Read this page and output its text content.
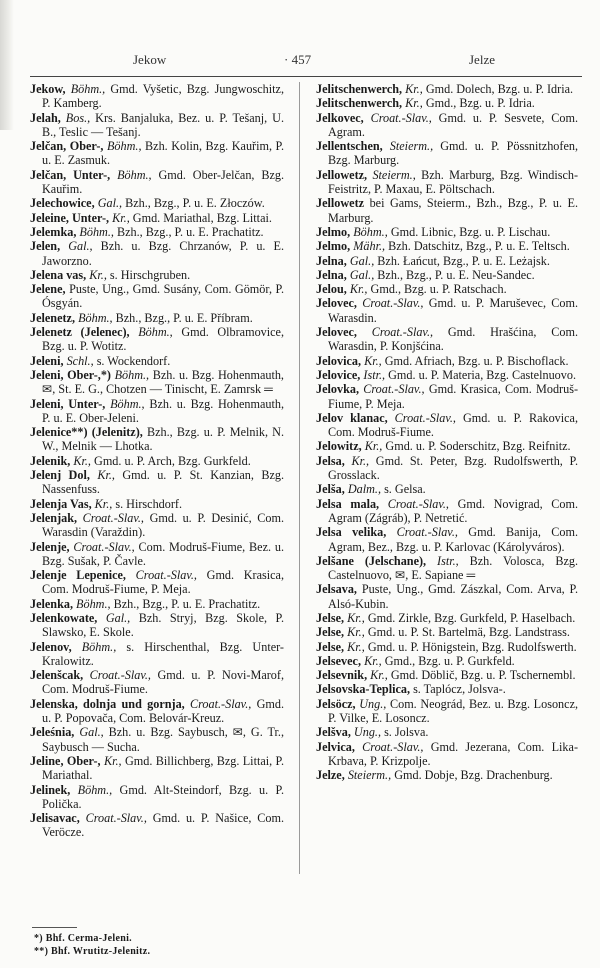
Jekow	· 457	Jelze

Jekow, Böhm., Gmd. Vyšetic, Bzg. Jungwoschitz, P. Kamberg.

Jelah, Bos., Krs. Banjaluka, Bez. u. P. Tešanj, U. B., Teslic — Tešanj.

Jelčan, Ober-, Böhm., Bzh. Kolin, Bzg. Kauřim, P. u. E. Zasmuk.

Jelčan, Unter-, Böhm., Gmd. Ober-Jelčan, Bzg. Kauřim.

Jelechowice, Gal., Bzh., Bzg., P. u. E. Złoczów.

Jeleine, Unter-, Kr., Gmd. Mariathal, Bzg. Littai.

Jelemka, Böhm., Bzh., Bzg., P. u. E. Prachatitz.

Jelen, Gal., Bzh. u. Bzg. Chrzanów, P. u. E. Jaworzno.

Jelena vas, Kr., s. Hirschgruben.

Jelene, Puste, Ung., Gmd. Susány, Com. Gömör, P. Ósgyán.

Jelenetz, Böhm., Bzh., Bzg., P. u. E. Příbram.

Jelenetz (Jelenec), Böhm., Gmd. Olbramovice, Bzg. u. P. Wotitz.

Jeleni, Schl., s. Wockendorf.

Jeleni, Ober-,*) Böhm., Bzh. u. Bzg. Hohenmauth, ✉, St. E. G., Chotzen — Tinischt, E. Zamrsk ═

Jeleni, Unter-, Böhm., Bzh. u. Bzg. Hohenmauth, P. u. E. Ober-Jeleni.

Jelenice**) (Jelenitz), Bzh., Bzg. u. P. Melnik, N. W., Melnik — Lhotka.

Jelenik, Kr., Gmd. u. P. Arch, Bzg. Gurkfeld.

Jelenj Dol, Kr., Gmd. u. P. St. Kanzian, Bzg. Nassenfuss.

Jelenja Vas, Kr., s. Hirschdorf.

Jelenjak, Croat.-Slav., Gmd. u. P. Desinić, Com. Warasdin (Varaždin).

Jelenje, Croat.-Slav., Com. Modruš-Fiume, Bez. u. Bzg. Sušak, P. Čavle.

Jelenje Lepenice, Croat.-Slav., Gmd. Krasica, Com. Modruš-Fiume, P. Meja.

Jelenka, Böhm., Bzh., Bzg., P. u. E. Prachatitz.

Jelenkowate, Gal., Bzh. Stryj, Bzg. Skole, P. Slawsko, E. Skole.

Jelenov, Böhm., s. Hirschenthal, Bzg. Unter-Kralowitz.

Jelenšcak, Croat.-Slav., Gmd. u. P. Novi-Marof, Com. Modruš-Fiume.

Jelenska, dolnja und gornja, Croat.-Slav., Gmd. u. P. Popovača, Com. Belovár-Kreuz.

Jeleśnia, Gal., Bzh. u. Bzg. Saybusch, ✉, G. Tr., Saybusch — Sucha.

Jeline, Ober-, Kr., Gmd. Billichberg, Bzg. Littai, P. Mariathal.

Jelinek, Böhm., Gmd. Alt-Steindorf, Bzg. u. P. Polička.

Jelisavac, Croat.-Slav., Gmd. u. P. Našice, Com. Veröcze.

Jelitschenwerch, Kr., Gmd. Dolech, Bzg. u. P. Idria.

Jelitschenwerch, Kr., Gmd., Bzg. u. P. Idria.

Jelkovec, Croat.-Slav., Gmd. u. P. Sesvete, Com. Agram.

Jellentschen, Steierm., Gmd. u. P. Pössnitzhofen, Bzg. Marburg.

Jellowetz, Steierm., Bzh. Marburg, Bzg. Windisch-Feistritz, P. Maxau, E. Pöltschach.

Jellowetz bei Gams, Steierm., Bzh., Bzg., P. u. E. Marburg.

Jelmo, Böhm., Gmd. Libnic, Bzg. u. P. Lischau.

Jelmo, Mähr., Bzh. Datschitz, Bzg., P. u. E. Teltsch.

Jelna, Gal., Bzh. Łańcut, Bzg., P. u. E. Leżajsk.

Jelna, Gal., Bzh., Bzg., P. u. E. Neu-Sandec.

Jelou, Kr., Gmd., Bzg. u. P. Ratschach.

Jelovec, Croat.-Slav., Gmd. u. P. Maruševec, Com. Warasdin.

Jelovec, Croat.-Slav., Gmd. Hrašćina, Com. Warasdin, P. Konjšćina.

Jelovica, Kr., Gmd. Afriach, Bzg. u. P. Bischoflack.

Jelovice, Istr., Gmd. u. P. Materia, Bzg. Castelnuovo.

Jelovka, Croat.-Slav., Gmd. Krasica, Com. Modruš-Fiume, P. Meja.

Jelov klanac, Croat.-Slav., Gmd. u. P. Rakovica, Com. Modruš-Fiume.

Jelowitz, Kr., Gmd. u. P. Soderschitz, Bzg. Reifnitz.

Jelsa, Kr., Gmd. St. Peter, Bzg. Rudolfswerth, P. Grosslack.

Jelša, Dalm., s. Gelsa.

Jelsa mala, Croat.-Slav., Gmd. Novigrad, Com. Agram (Zágráb), P. Netretić.

Jelsa velika, Croat.-Slav., Gmd. Banija, Com. Agram, Bez., Bzg. u. P. Karlovac (Károlyváros).

Jelšane (Jelschane), Istr., Bzh. Volosca, Bzg. Castelnuovo, ✉, E. Sapiane ═

Jelsava, Puste, Ung., Gmd. Zászkal, Com. Arva, P. Alsó-Kubin.

Jelse, Kr., Gmd. Zirkle, Bzg. Gurkfeld, P. Haselbach.

Jelse, Kr., Gmd. u. P. St. Bartelmä, Bzg. Landstrass.

Jelse, Kr., Gmd. u. P. Hönigstein, Bzg. Rudolfswerth.

Jelsevec, Kr., Gmd., Bzg. u. P. Gurkfeld.

Jelsevnik, Kr., Gmd. Döblič, Bzg. u. P. Tschernembl.

Jelsovska-Teplica, s. Taplócz, Jolsva-.

Jelsöcz, Ung., Com. Neográd, Bez. u. Bzg. Losoncz, P. Vilke, E. Losoncz.

Jelšva, Ung., s. Jolsva.

Jelvica, Croat.-Slav., Gmd. Jezerana, Com. Lika-Krbava, P. Krizpolje.

Jelze, Steierm., Gmd. Dobje, Bzg. Drachenburg.

*) Bhf. Cerma-Jeleni.
**) Bhf. Wrutitz-Jelenitz.
